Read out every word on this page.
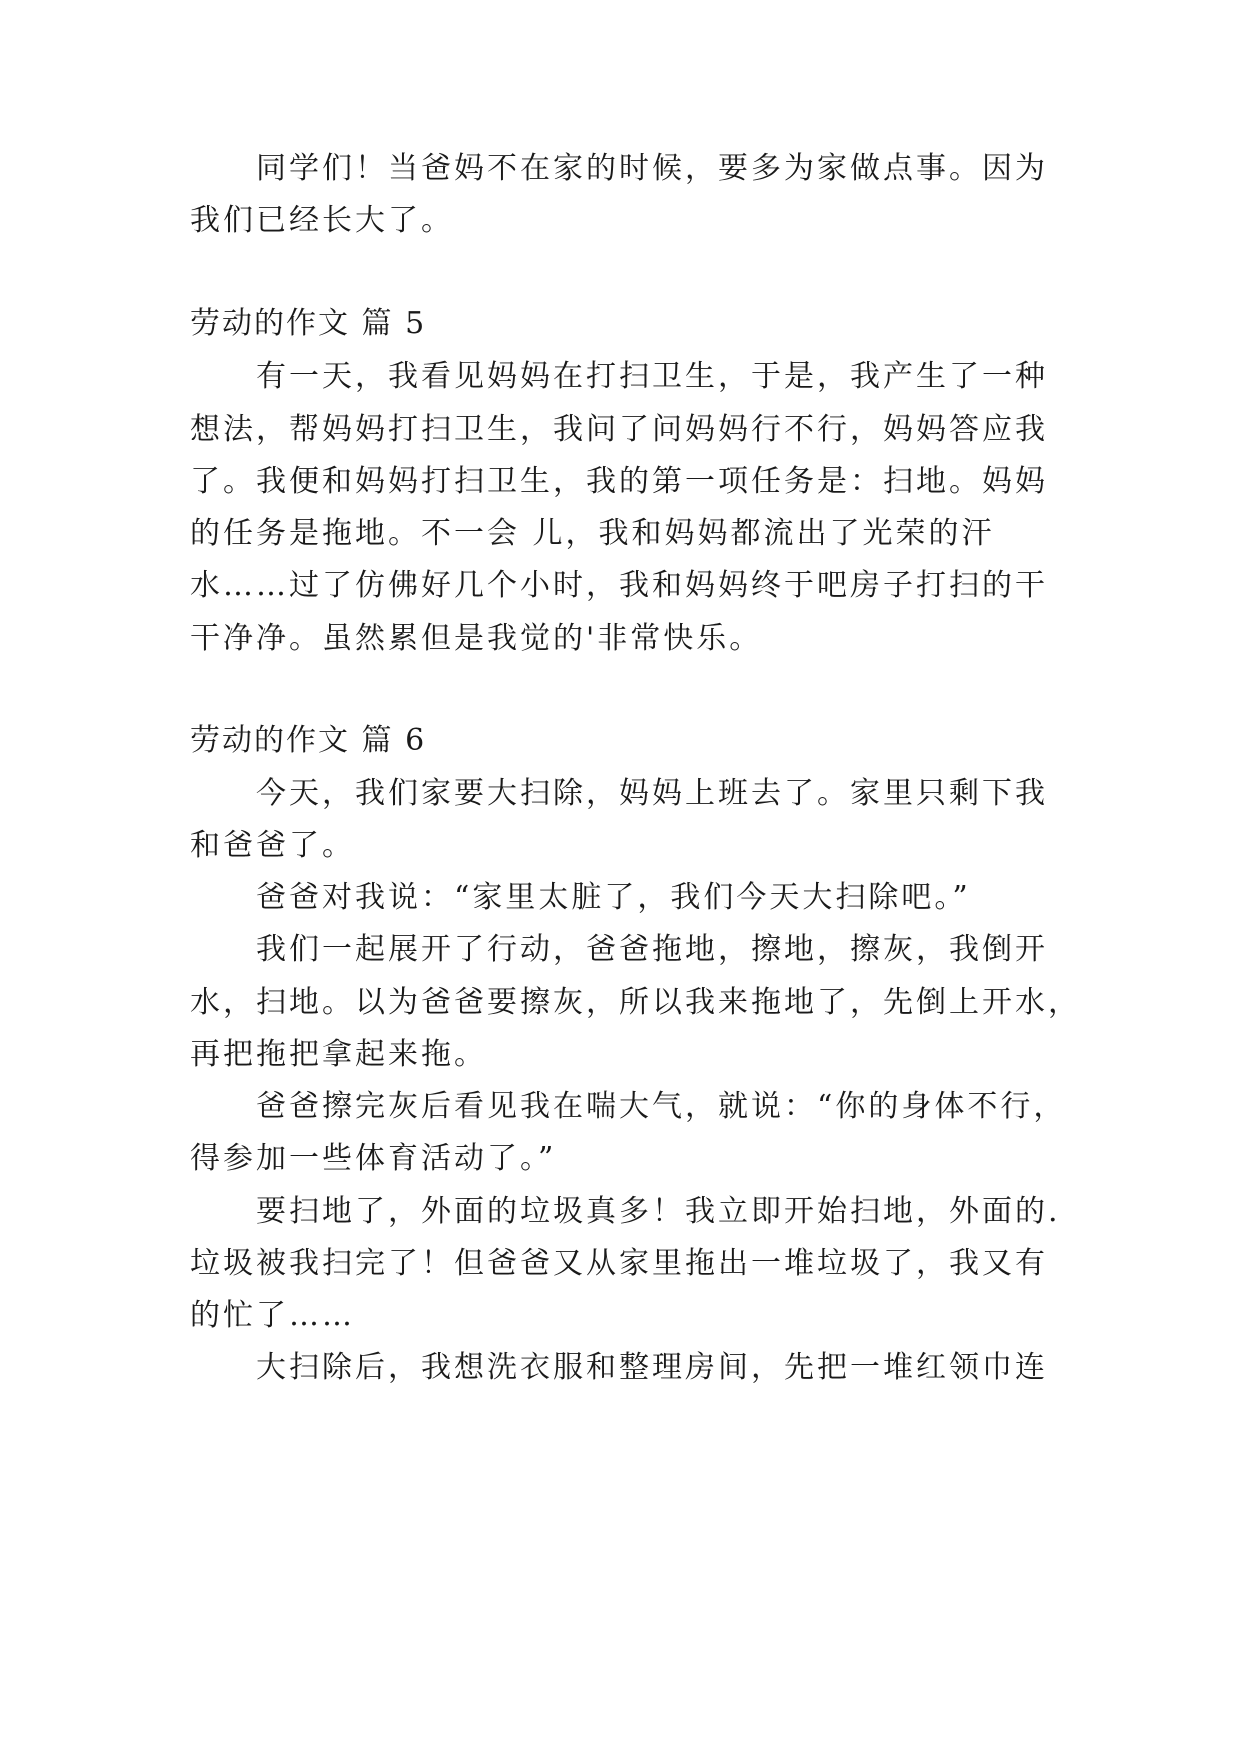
同学们！当爸妈不在家的时候，要多为家做点事。因为
我们已经长大了。
劳动的作文 篇 5
有一天，我看见妈妈在打扫卫生，于是，我产生了一种
想法，帮妈妈打扫卫生，我问了问妈妈行不行，妈妈答应我
了。我便和妈妈打扫卫生，我的第一项任务是：扫地。妈妈
的任务是拖地。不一会 儿，我和妈妈都流出了光荣的汗
水……过了仿佛好几个小时，我和妈妈终于吧房子打扫的干
干净净。虽然累但是我觉的'非常快乐。
劳动的作文 篇 6
今天，我们家要大扫除，妈妈上班去了。家里只剩下我
和爸爸了。
爸爸对我说：“家里太脏了，我们今天大扫除吧。”
我们一起展开了行动，爸爸拖地，擦地，擦灰，我倒开
水，扫地。以为爸爸要擦灰，所以我来拖地了，先倒上开水，
再把拖把拿起来拖。
爸爸擦完灰后看见我在喘大气，就说：“你的身体不行，
得参加一些体育活动了。”
要扫地了，外面的垃圾真多！我立即开始扫地，外面的.
垃圾被我扫完了！但爸爸又从家里拖出一堆垃圾了，我又有
的忙了……
大扫除后，我想洗衣服和整理房间，先把一堆红领巾连
